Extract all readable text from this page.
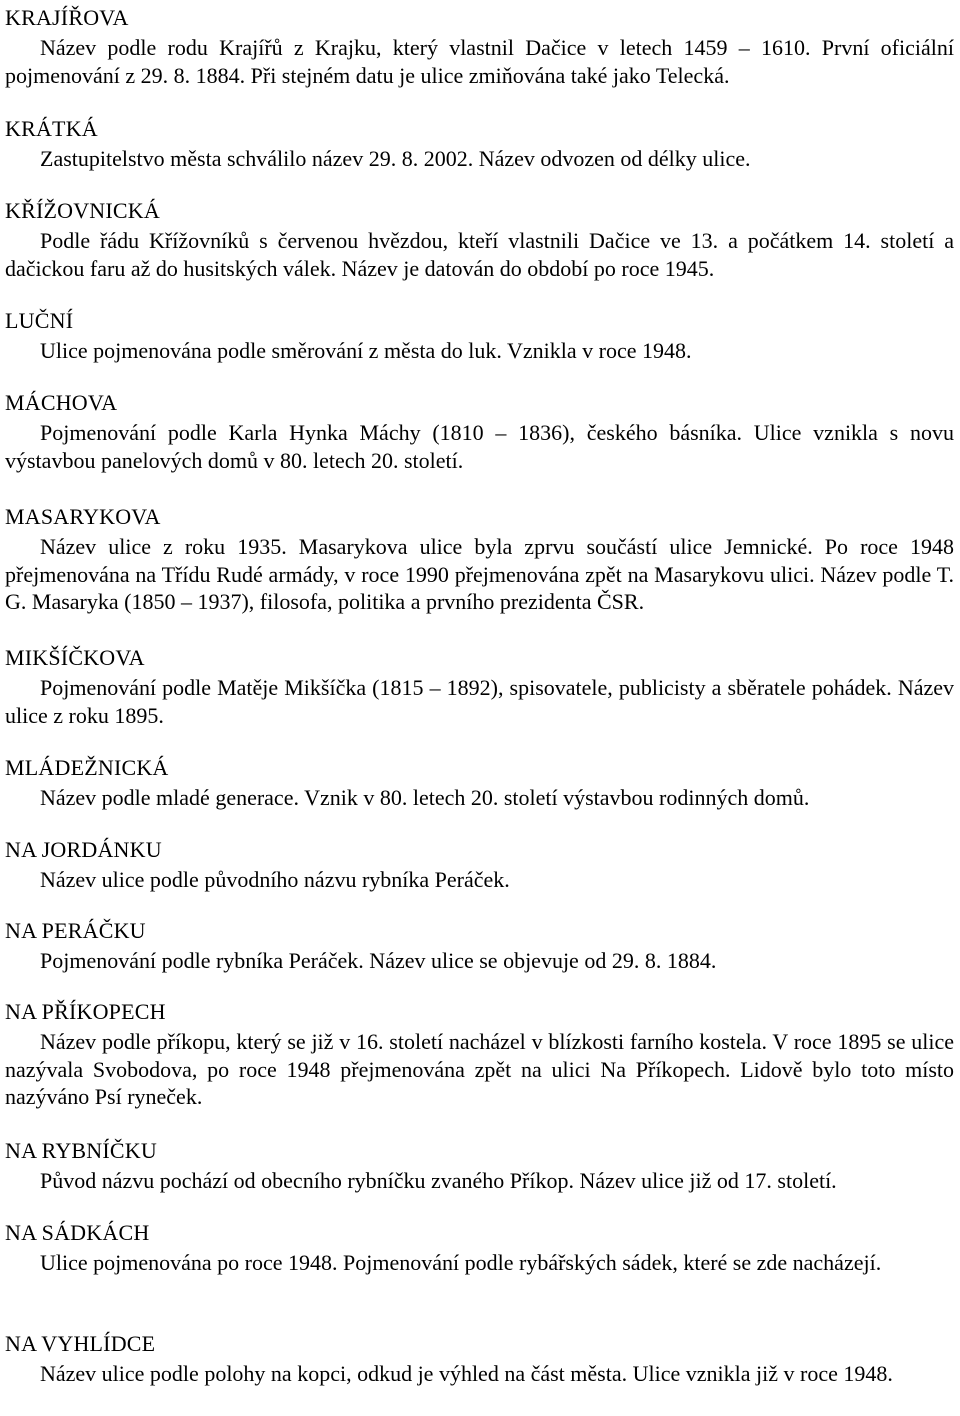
KRAJÍŘOVA

Název podle rodu Krajířů z Krajku, který vlastnil Dačice v letech 1459 – 1610. První oficiální pojmenování z 29. 8. 1884. Při stejném datu je ulice zmiňována také jako Telecká.

KRÁTKÁ

Zastupitelstvo města schválilo název 29. 8. 2002. Název odvozen od délky ulice.

KŘÍŽOVNICKÁ

Podle řádu Křížovníků s červenou hvězdou, kteří vlastnili Dačice ve 13. a počátkem 14. století a dačickou faru až do husitských válek. Název je datován do období po roce 1945.

LUČNÍ

Ulice pojmenována podle směrování z města do luk. Vznikla v roce 1948.

MÁCHOVA

Pojmenování podle Karla Hynka Máchy (1810 – 1836), českého básníka. Ulice vznikla s novu výstavbou panelových domů v 80. letech 20. století.

MASARYKOVA

Název ulice z roku 1935. Masarykova ulice byla zprvu součástí ulice Jemnické. Po roce 1948 přejmenována na Třídu Rudé armády, v roce 1990 přejmenována zpět na Masarykovu ulici. Název podle T. G. Masaryka (1850 – 1937), filosofa, politika a prvního prezidenta ČSR.

MIKŠÍČKOVA

Pojmenování podle Matěje Mikšíčka (1815 – 1892), spisovatele, publicisty a sběratele pohádek. Název ulice z roku 1895.

MLÁDEŽNICKÁ

Název podle mladé generace. Vznik v 80. letech 20. století výstavbou rodinných domů.

NA JORDÁNKU

Název ulice podle původního názvu rybníka Peráček.

NA PERÁČKU

Pojmenování podle rybníka Peráček. Název ulice se objevuje od 29. 8. 1884.

NA PŘÍKOPECH

Název podle příkopu, který se již v 16. století nacházel v blízkosti farního kostela. V roce 1895 se ulice nazývala Svobodova, po roce 1948 přejmenována zpět na ulici Na Příkopech. Lidově bylo toto místo nazýváno Psí ryneček.

NA RYBNÍČKU

Původ názvu pochází od obecního rybníčku zvaného Příkop. Název ulice již od 17. století.

NA SÁDKÁCH

Ulice pojmenována po roce 1948. Pojmenování podle rybářských sádek, které se zde nacházejí.

NA VYHLÍDCE

Název ulice podle polohy na kopci, odkud je výhled na část města. Ulice vznikla již v roce 1948.
